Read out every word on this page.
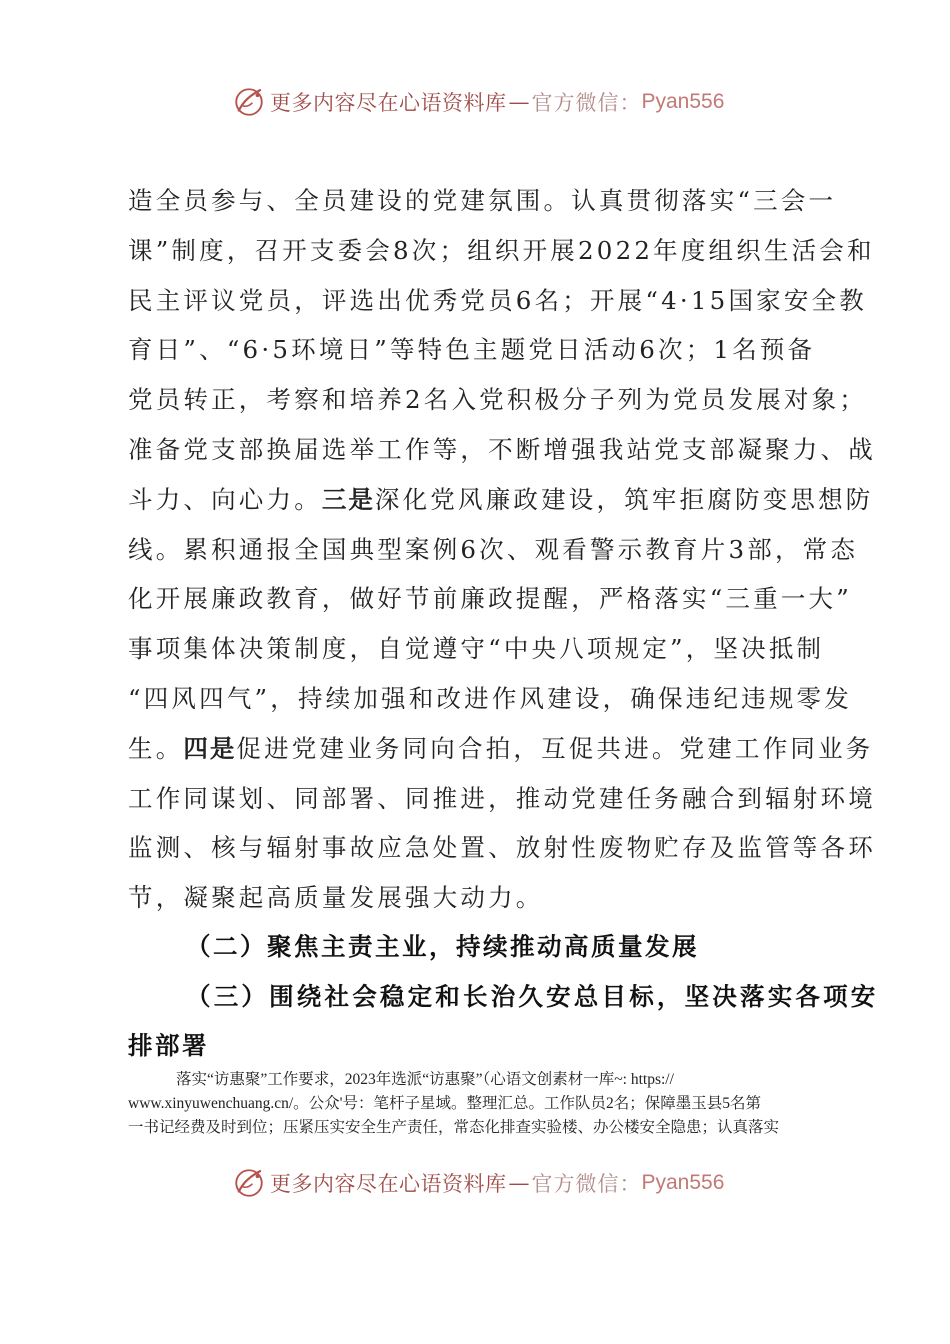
更多内容尽在心语资料库 — 官方微信： Pyan556
造全员参与、全员建设的党建氛围。认真贯彻落实“三会一
课”制度，召开支委会8次；组织开展2022年度组织生活会和
民主评议党员，评选出优秀党员6名；开展“4·15国家安全教
育日”、“6·5环境日”等特色主题党日活动6次；1名预备
党员转正，考察和培养2名入党积极分子列为党员发展对象；
准备党支部换届选举工作等，不断增强我站党支部凝聚力、战
斗力、向心力。三是深化党风廉政建设，筑牢拒腐防变思想防
线。累积通报全国典型案例6次、观看警示教育片3部，常态
化开展廉政教育，做好节前廉政提醒，严格落实“三重一大”
事项集体决策制度，自觉遵守“中央八项规定”，坚决抵制
“四风四气”，持续加强和改进作风建设，确保违纪违规零发
生。四是促进党建业务同向合拍，互促共进。党建工作同业务
工作同谋划、同部署、同推进，推动党建任务融合到辐射环境
监测、核与辐射事故应急处置、放射性废物贮存及监管等各环
节，凝聚起高质量发展强大动力。

（二）聚焦主责主业，持续推动高质量发展

（三）围绕社会稳定和长治久安总目标，坚决落实各项安

排部署

落实“访惠聚”工作要求，2023年选派“访惠聚”（心语文创素材一库~: https://
www.xinyuwenchuang.cn/。公众'号：笔杆子星域。整理汇总。工作队员2名；保障墨玉县5名第
一书记经费及时到位；压紧压实安全生产责任，常态化排查实验楼、办公楼安全隐患；认真落实
更多内容尽在心语资料库 — 官方微信： Pyan556
